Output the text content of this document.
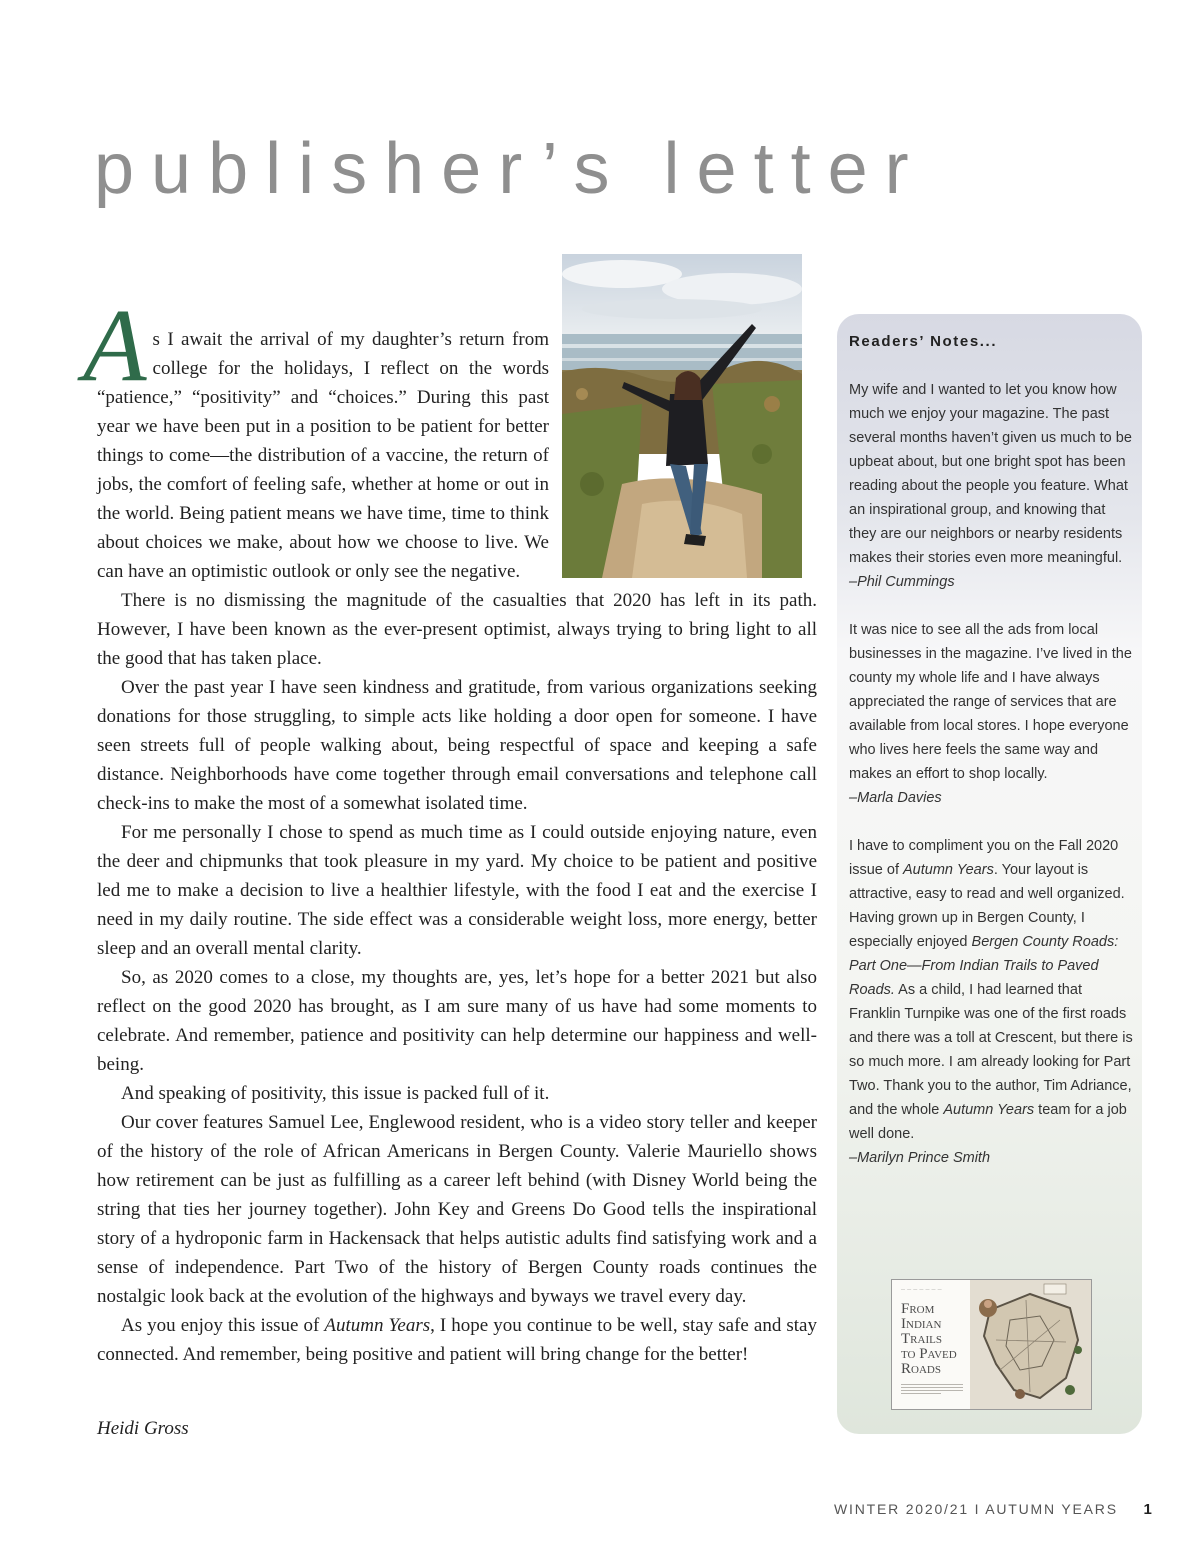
publisher’s letter

As I await the arrival of my daughter’s return from college for the holidays, I reflect on the words “patience,” “positivity” and “choices.” During this past year we have been put in a position to be patient for better things to come—the distribution of a vaccine, the return of jobs, the comfort of feeling safe, whether at home or out in the world. Being patient means we have time, time to think about choices we make, about how we choose to live. We can have an optimistic outlook or only see the negative.

There is no dismissing the magnitude of the casualties that 2020 has left in its path. However, I have been known as the ever-present optimist, always trying to bring light to all the good that has taken place.

Over the past year I have seen kindness and gratitude, from various organizations seeking donations for those struggling, to simple acts like holding a door open for someone. I have seen streets full of people walking about, being respectful of space and keeping a safe distance. Neighborhoods have come together through email conversations and telephone call check-ins to make the most of a somewhat isolated time.

For me personally I chose to spend as much time as I could outside enjoying nature, even the deer and chipmunks that took pleasure in my yard. My choice to be patient and positive led me to make a decision to live a healthier lifestyle, with the food I eat and the exercise I need in my daily routine. The side effect was a considerable weight loss, more energy, better sleep and an overall mental clarity.

So, as 2020 comes to a close, my thoughts are, yes, let’s hope for a better 2021 but also reflect on the good 2020 has brought, as I am sure many of us have had some moments to celebrate. And remember, patience and positivity can help determine our happiness and well-being.

And speaking of positivity, this issue is packed full of it.

Our cover features Samuel Lee, Englewood resident, who is a video story teller and keeper of the history of the role of African Americans in Bergen County. Valerie Mauriello shows how retirement can be just as fulfilling as a career left behind (with Disney World being the string that ties her journey together). John Key and Greens Do Good tells the inspirational story of a hydroponic farm in Hackensack that helps autistic adults find satisfying work and a sense of independence. Part Two of the history of Bergen County roads continues the nostalgic look back at the evolution of the highways and byways we travel every day.

As you enjoy this issue of Autumn Years, I hope you continue to be well, stay safe and stay connected. And remember, being positive and patient will bring change for the better!

Heidi Gross
Readers’ Notes...

My wife and I wanted to let you know how much we enjoy your magazine. The past several months haven’t given us much to be upbeat about, but one bright spot has been reading about the people you feature. What an inspirational group, and knowing that they are our neighbors or nearby residents makes their stories even more meaningful.

–Phil Cummings

It was nice to see all the ads from local businesses in the magazine. I’ve lived in the county my whole life and I have always appreciated the range of services that are available from local stores. I hope everyone who lives here feels the same way and makes an effort to shop locally.

–Marla Davies

I have to compliment you on the Fall 2020 issue of Autumn Years. Your layout is attractive, easy to read and well organized. Having grown up in Bergen County, I especially enjoyed Bergen County Roads: Part One—From Indian Trails to Paved Roads. As a child, I had learned that Franklin Turnpike was one of the first roads and there was a toll at Crescent, but there is so much more. I am already looking for Part Two. Thank you to the author, Tim Adriance, and the whole Autumn Years team for a job well done.

–Marilyn Prince Smith

— — — — — — —
From
Indian
Trails
to Paved
Roads
WINTER 2020/21 I AUTUMN YEARS 1
